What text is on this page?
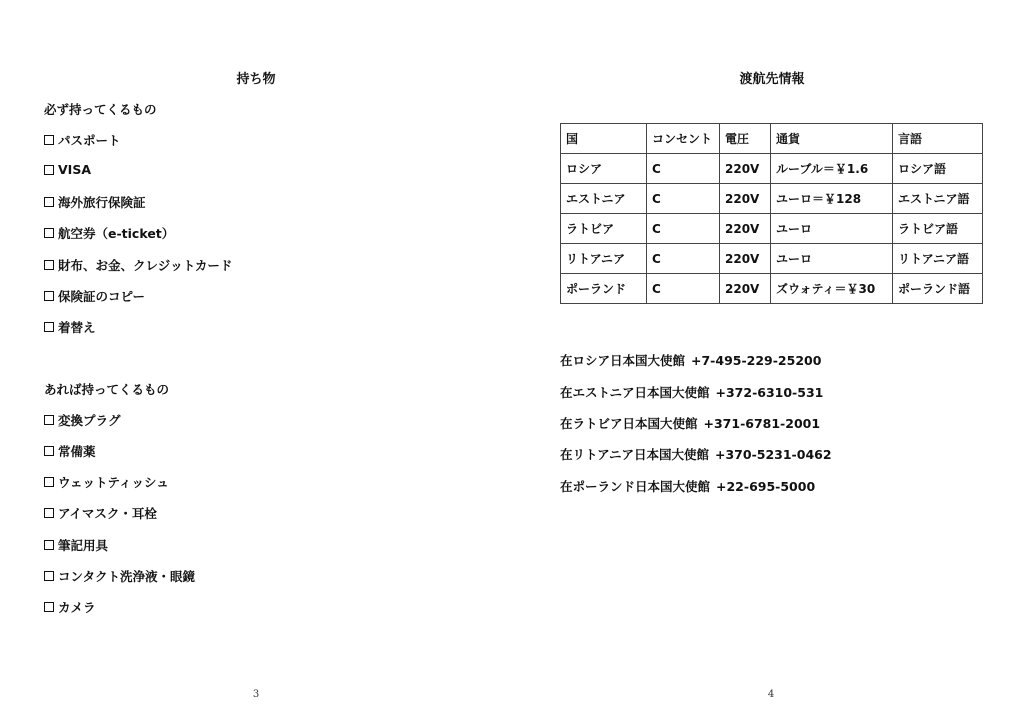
持ち物
必ず持ってくるもの
パスポート
VISA
海外旅行保険証
航空券（e-ticket）
財布、お金、クレジットカード
保険証のコピー
着替え
あれば持ってくるもの
変換プラグ
常備薬
ウェットティッシュ
アイマスク・耳栓
筆記用具
コンタクト洗浄液・眼鏡
カメラ
3
渡航先情報
国	コンセント	電圧	通貨	言語
ロシア	C	220V	ルーブル＝￥1.6	ロシア語
エストニア	C	220V	ユーロ＝￥128	エストニア語
ラトビア	C	220V	ユーロ	ラトビア語
リトアニア	C	220V	ユーロ	リトアニア語
ポーランド	C	220V	ズウォティ＝￥30	ポーランド語
在ロシア日本国大使館 +7-495-229-25200
在エストニア日本国大使館 +372-6310-531
在ラトビア日本国大使館 +371-6781-2001
在リトアニア日本国大使館 +370-5231-0462
在ポーランド日本国大使館 +22-695-5000
4
